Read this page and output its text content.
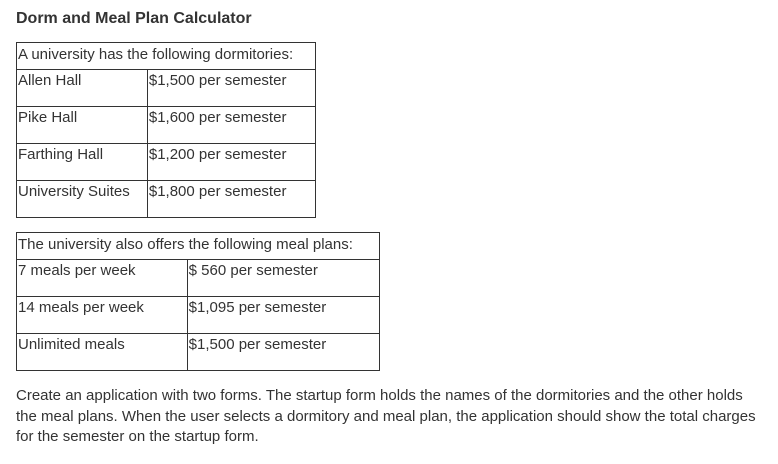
Dorm and Meal Plan Calculator
A university has the following dormitories:	
Allen Hall	$1,500 per semester
Pike Hall	$1,600 per semester
Farthing Hall	$1,200 per semester
University Suites	$1,800 per semester
The university also offers the following meal plans:	
7 meals per week	$ 560 per semester
14 meals per week	$1,095 per semester
Unlimited meals	$1,500 per semester
Create an application with two forms. The startup form holds the names of the dormitories and the other holds the meal plans. When the user selects a dormitory and meal plan, the application should show the total charges for the semester on the startup form.
